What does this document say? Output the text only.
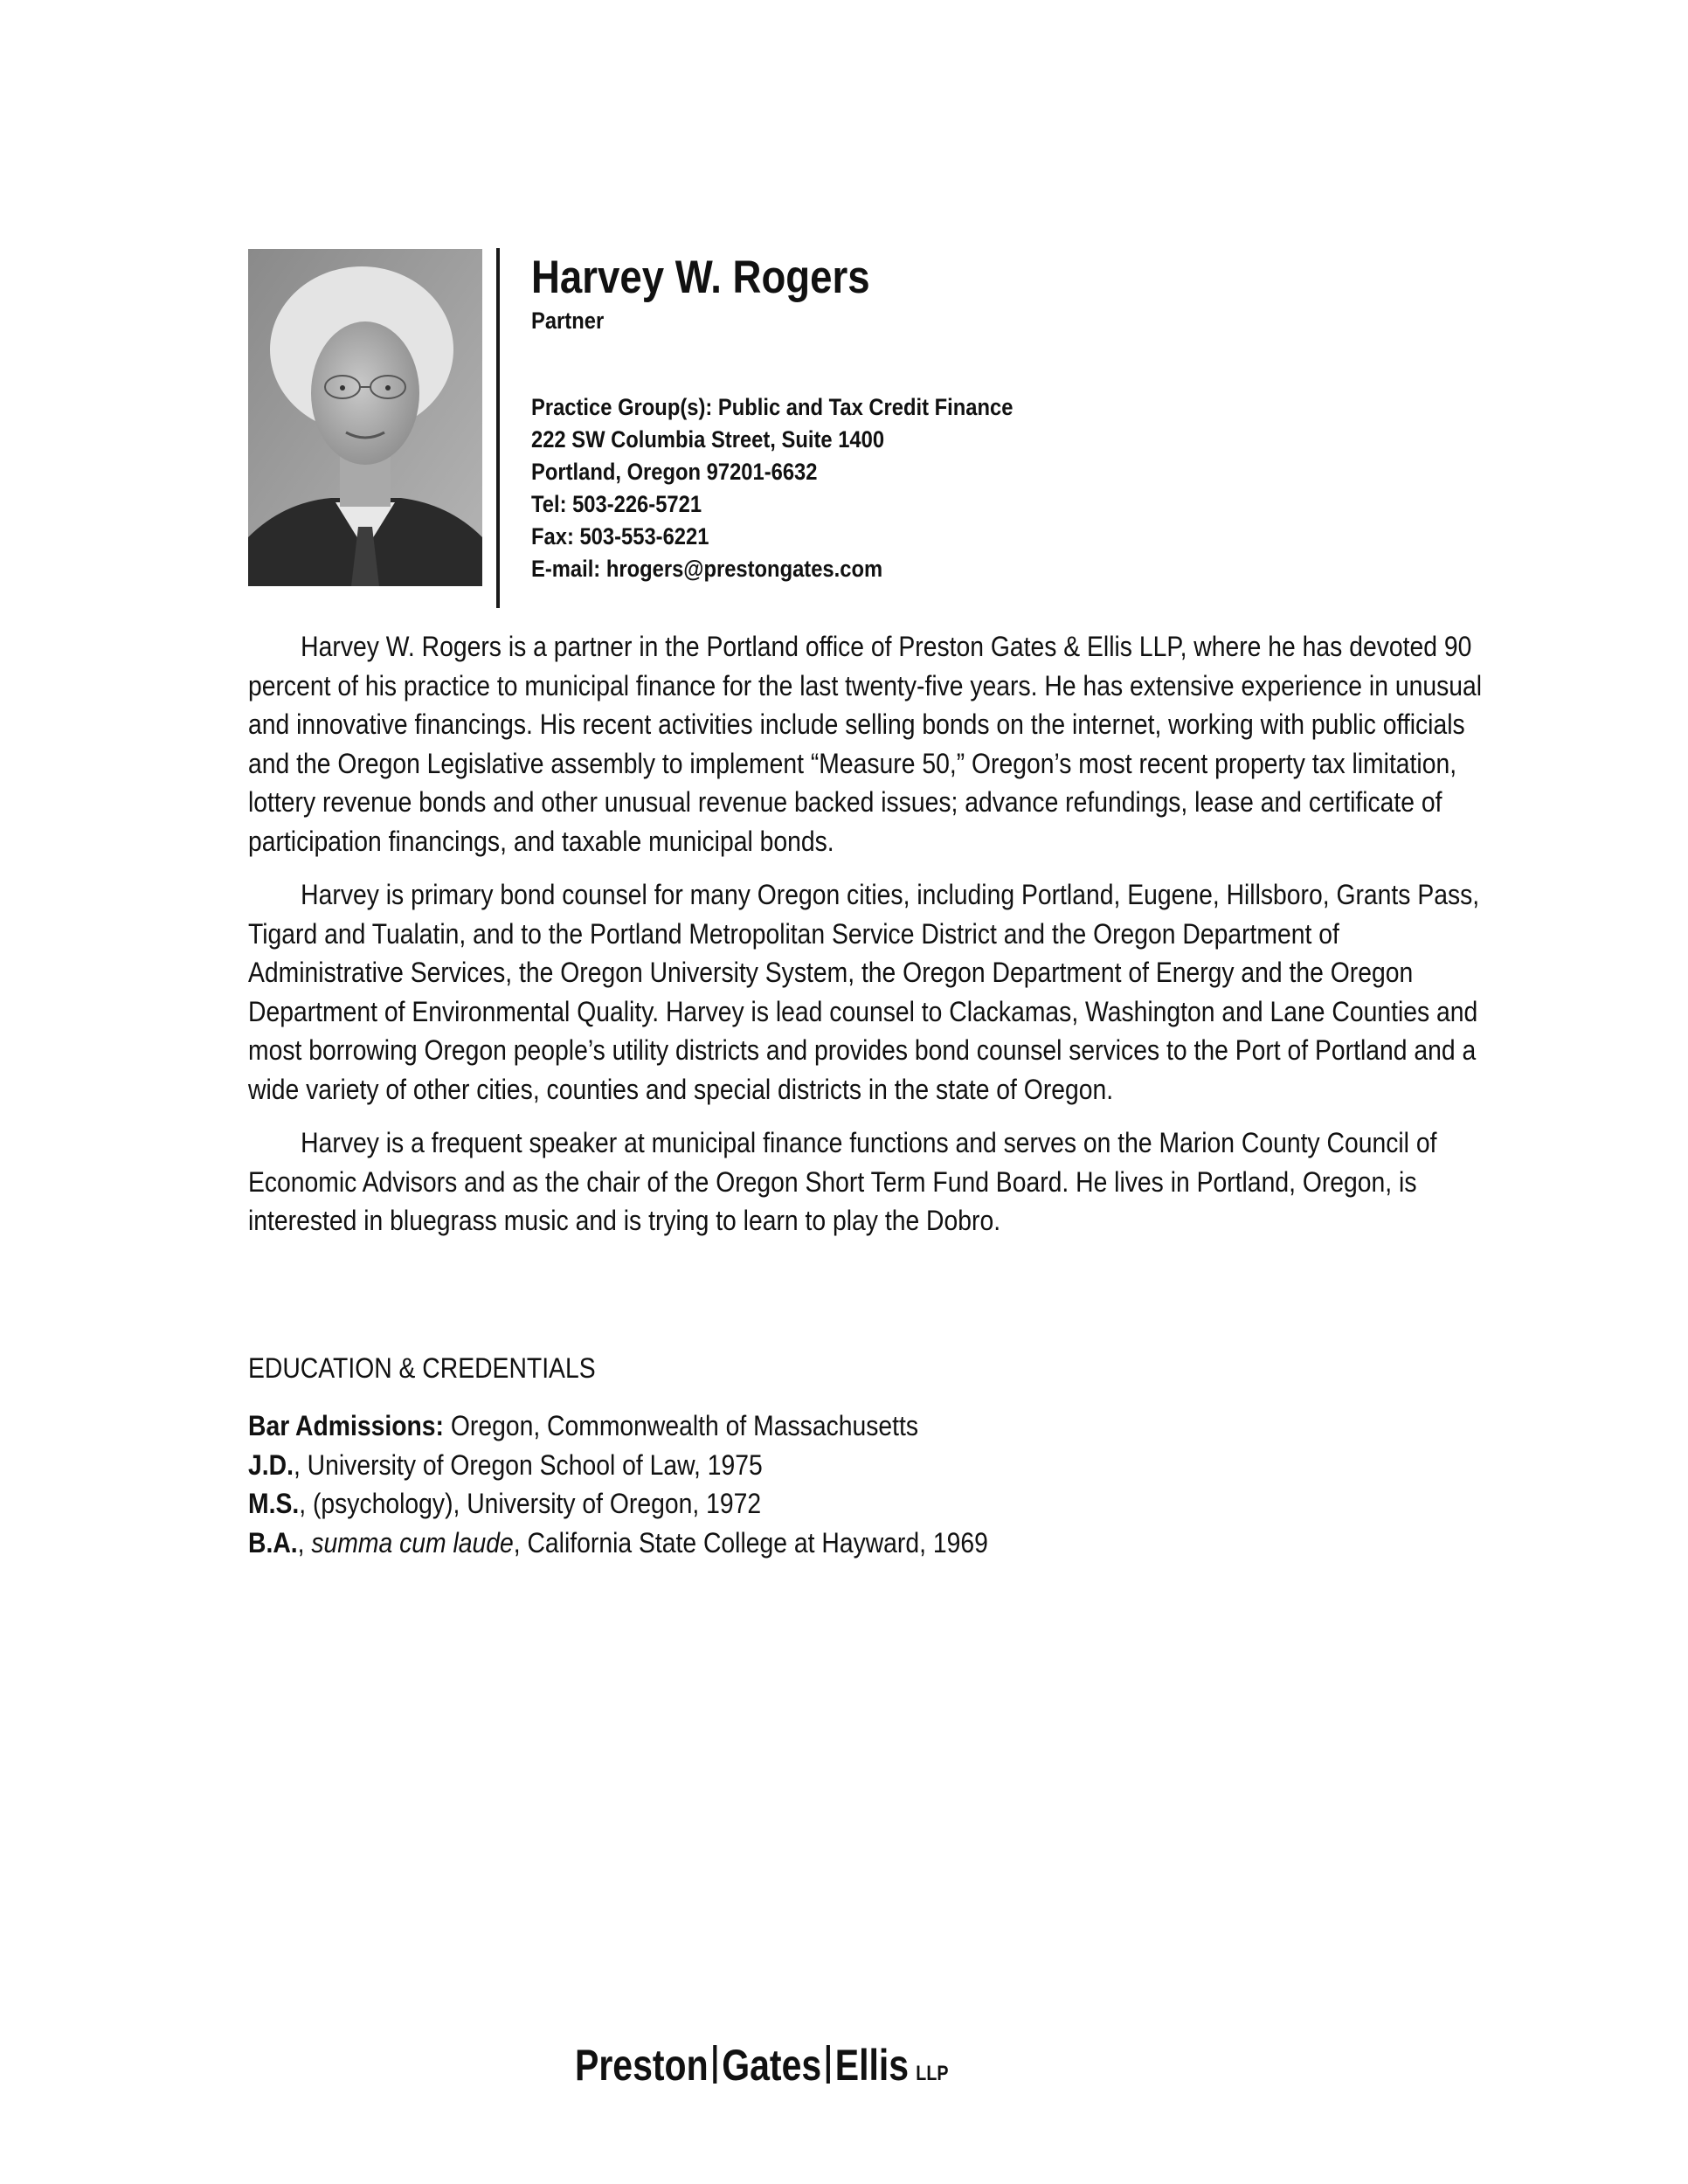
Harvey W. Rogers
Partner
Practice Group(s): Public and Tax Credit Finance
222 SW Columbia Street, Suite 1400
Portland, Oregon 97201-6632
Tel: 503-226-5721
Fax: 503-553-6221
E-mail: hrogers@prestongates.com

Harvey W. Rogers is a partner in the Portland office of Preston Gates & Ellis LLP, where he has devoted 90 percent of his practice to municipal finance for the last twenty-five years. He has extensive experience in unusual and innovative financings. His recent activities include selling bonds on the internet, working with public officials and the Oregon Legislative assembly to implement “Measure 50,” Oregon’s most recent property tax limitation, lottery revenue bonds and other unusual revenue backed issues; advance refundings, lease and certificate of participation financings, and taxable municipal bonds.

Harvey is primary bond counsel for many Oregon cities, including Portland, Eugene, Hillsboro, Grants Pass, Tigard and Tualatin, and to the Portland Metropolitan Service District and the Oregon Department of Administrative Services, the Oregon University System, the Oregon Department of Energy and the Oregon Department of Environmental Quality. Harvey is lead counsel to Clackamas, Washington and Lane Counties and most borrowing Oregon people’s utility districts and provides bond counsel services to the Port of Portland and a wide variety of other cities, counties and special districts in the state of Oregon.

Harvey is a frequent speaker at municipal finance functions and serves on the Marion County Council of Economic Advisors and as the chair of the Oregon Short Term Fund Board. He lives in Portland, Oregon, is interested in bluegrass music and is trying to learn to play the Dobro.

EDUCATION & CREDENTIALS
Bar Admissions: Oregon, Commonwealth of Massachusetts
J.D., University of Oregon School of Law, 1975
M.S., (psychology), University of Oregon, 1972
B.A., summa cum laude, California State College at Hayward, 1969
Preston Gates Ellis LLP
